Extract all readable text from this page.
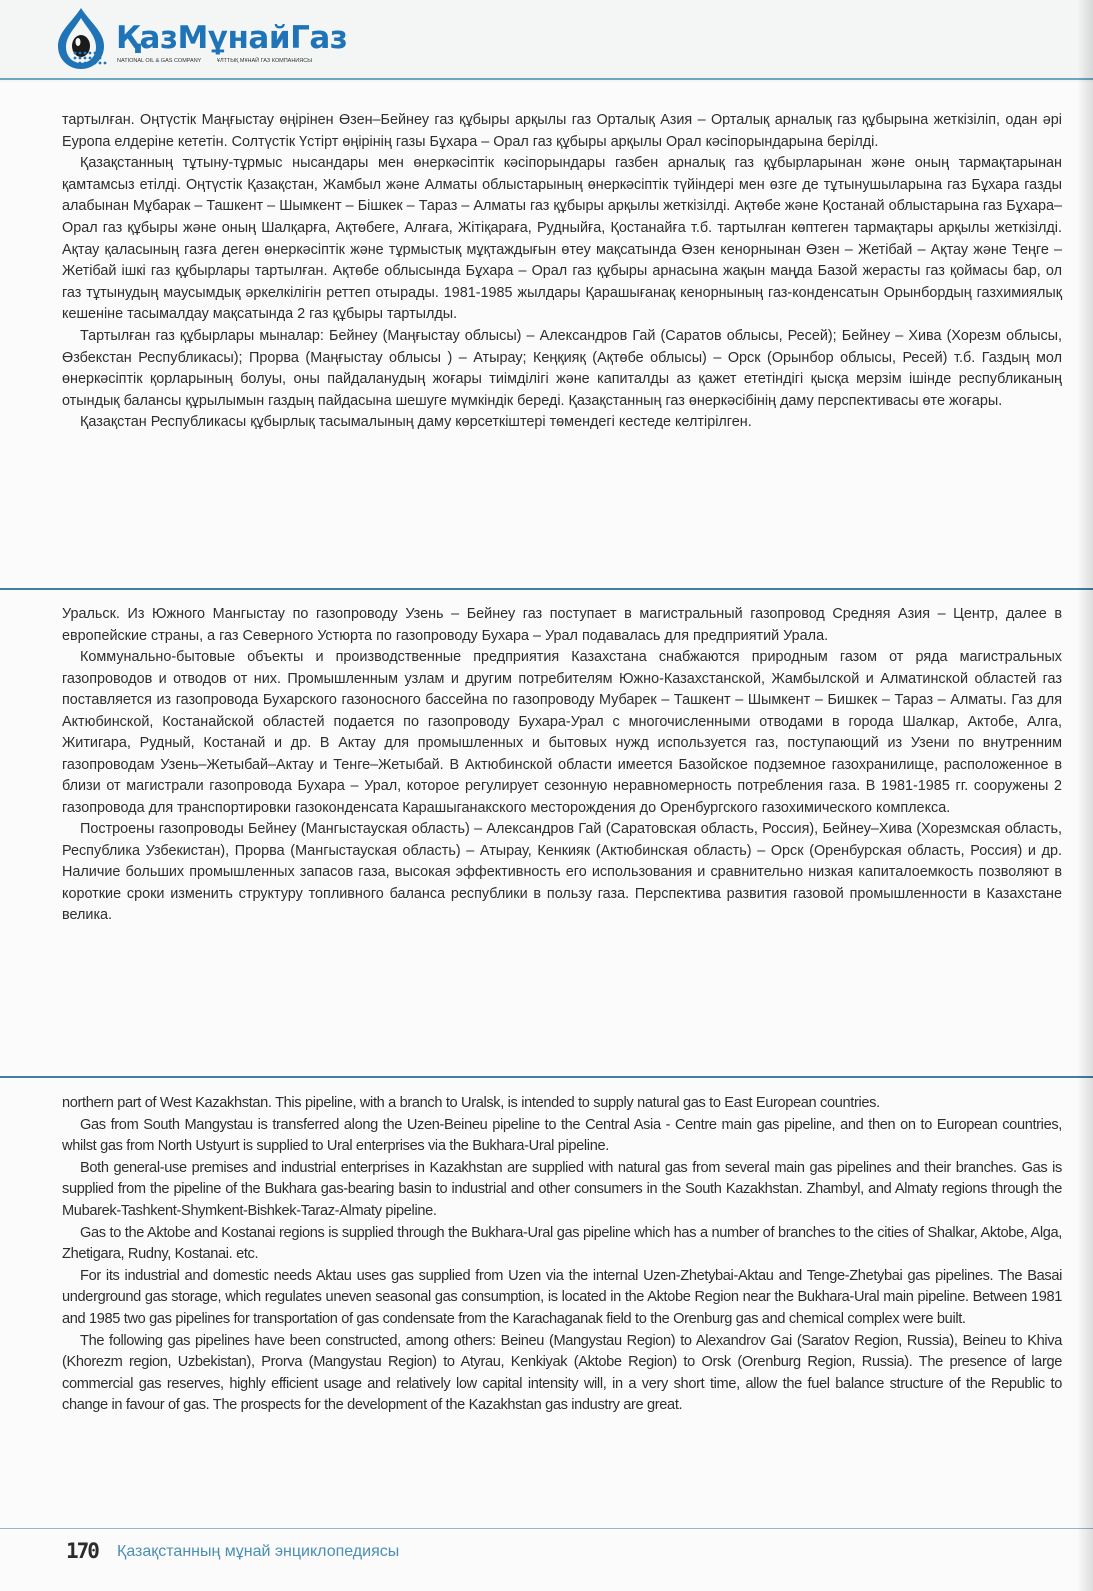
ҚазМұнайГаз
NATIONAL OIL & GAS COMPANY	ҰЛТТЫҚ МҰНАЙ ГАЗ КОМПАНИЯСЫ

тартылған. Оңтүстік Маңғыстау өңірінен Өзен–Бейнеу газ құбыры арқылы газ Орталық Азия – Орталық арналық газ құбырына жеткізіліп, одан әрі Еуропа елдеріне кететін. Солтүстік Үстірт өңірінің газы Бұхара – Орал газ құбыры арқылы Орал кәсіпорындарына берілді.

Қазақстанның тұтыну-тұрмыс нысандары мен өнеркәсіптік кәсіпорындары газбен арналық газ құбырларынан және оның тармақтарынан қамтамсыз етілді. Оңтүстік Қазақстан, Жамбыл және Алматы облыстарының өнеркәсіптік түйіндері мен өзге де тұтынушыларына газ Бұхара газды алабынан Мұбарак – Ташкент – Шымкент – Бішкек – Тараз – Алматы газ құбыры арқылы жеткізілді. Ақтөбе және Қостанай облыстарына газ Бұхара–Орал газ құбыры және оның Шалқарға, Ақтөбеге, Алғаға, Жітіқараға, Рудныйға, Қостанайға т.б. тартылған көптеген тармақтары арқылы жеткізілді. Ақтау қаласының газға деген өнеркәсіптік және тұрмыстық мұқтаждығын өтеу мақсатында Өзен кенорнынан Өзен – Жетібай – Ақтау және Теңге – Жетібай ішкі газ құбырлары тартылған. Ақтөбе облысында Бұхара – Орал газ құбыры арнасына жақын маңда Базой жерасты газ қоймасы бар, ол газ тұтынудың маусымдық әркелкілігін реттеп отырады. 1981-1985 жылдары Қарашығанақ кенорнының газ-конденсатын Орынбордың газхимиялық кешеніне тасымалдау мақсатында 2 газ құбыры тартылды.

Тартылған газ құбырлары мыналар: Бейнеу (Маңғыстау облысы) – Александров Гай (Саратов облысы, Ресей); Бейнеу – Хива (Хорезм облысы, Өзбекстан Республикасы); Прорва (Маңғыстау облысы ) – Атырау; Кеңқияқ (Ақтөбе облысы) – Орск (Орынбор облысы, Ресей) т.б. Газдың мол өнеркәсіптік қорларының болуы, оны пайдаланудың жоғары тиімділігі және капиталды аз қажет ететіндігі қысқа мерзім ішінде республиканың отындық балансы құрылымын газдың пайдасына шешуге мүмкіндік береді. Қазақстанның газ өнеркәсібінің даму перспективасы өте жоғары.

Қазақстан Республикасы құбырлық тасымалының даму көрсеткіштері төмендегі кестеде келтірілген.

Уральск. Из Южного Мангыстау по газопроводу Узень – Бейнеу газ поступает в магистральный газопровод Средняя Азия – Центр, далее в европейские страны, а газ Северного Устюрта по газопроводу Бухара – Урал подавалась для предприятий Урала.

Коммунально-бытовые объекты и производственные предприятия Казахстана снабжаются природным газом от ряда магистральных газопроводов и отводов от них. Промышленным узлам и другим потребителям Южно-Казахстанской, Жамбылской и Алматинской областей газ поставляется из газопровода Бухарского газоносного бассейна по газопроводу Мубарек – Ташкент – Шымкент – Бишкек – Тараз – Алматы. Газ для Актюбинской, Костанайской областей подается по газопроводу Бухара-Урал с многочисленными отводами в города Шалкар, Актобе, Алга, Житигара, Рудный, Костанай и др. В Актау для промышленных и бытовых нужд используется газ, поступающий из Узени по внутренним газопроводам Узень–Жетыбай–Актау и Тенге–Жетыбай. В Актюбинской области имеется Базойское подземное газохранилище, расположенное в близи от магистрали газопровода Бухара – Урал, которое регулирует сезонную неравномерность потребления газа. В 1981-1985 гг. сооружены 2 газопровода для транспортировки газоконденсата Карашыганакского месторождения до Оренбургского газохимического комплекса.

Построены газопроводы Бейнеу (Мангыстауская область) – Александров Гай (Саратовская область, Россия), Бейнеу–Хива (Хорезмская область, Республика Узбекистан), Прорва (Мангыстауская область) – Атырау, Кенкияк (Актюбинская область) – Орск (Оренбурская область, Россия) и др. Наличие больших промышленных запасов газа, высокая эффективность его использования и сравнительно низкая капиталоемкость позволяют в короткие сроки изменить структуру топливного баланса республики в пользу газа. Перспектива развития газовой промышленности в Казахстане велика.

northern part of West Kazakhstan. This pipeline, with a branch to Uralsk, is intended to supply natural gas to East European countries.

Gas from South Mangystau is transferred along the Uzen-Beineu pipeline to the Central Asia - Centre main gas pipeline, and then on to European countries, whilst gas from North Ustyurt is supplied to Ural enterprises via the Bukhara-Ural pipeline.

Both general-use premises and industrial enterprises in Kazakhstan are supplied with natural gas from several main gas pipelines and their branches. Gas is supplied from the pipeline of the Bukhara gas-bearing basin to industrial and other consumers in the South Kazakhstan. Zhambyl, and Almaty regions through the Mubarek-Tashkent-Shymkent-Bishkek-Taraz-Almaty pipeline.

Gas to the Aktobe and Kostanai regions is supplied through the Bukhara-Ural gas pipeline which has a number of branches to the cities of Shalkar, Aktobe, Alga, Zhetigara, Rudny, Kostanai. etc.

For its industrial and domestic needs Aktau uses gas supplied from Uzen via the internal Uzen-Zhetybai-Aktau and Tenge-Zhetybai gas pipelines. The Basai underground gas storage, which regulates uneven seasonal gas consumption, is located in the Aktobe Region near the Bukhara-Ural main pipeline. Between 1981 and 1985 two gas pipelines for transportation of gas condensate from the Karachaganak field to the Orenburg gas and chemical complex were built.

The following gas pipelines have been constructed, among others: Beineu (Mangystau Region) to Alexandrov Gai (Saratov Region, Russia), Beineu to Khiva (Khorezm region, Uzbekistan), Prorva (Mangystau Region) to Atyrau, Kenkiyak (Aktobe Region) to Orsk (Orenburg Region, Russia). The presence of large commercial gas reserves, highly efficient usage and relatively low capital intensity will, in a very short time, allow the fuel balance structure of the Republic to change in favour of gas. The prospects for the development of the Kazakhstan gas industry are great.

170 Қазақстанның мұнай энциклопедиясы
